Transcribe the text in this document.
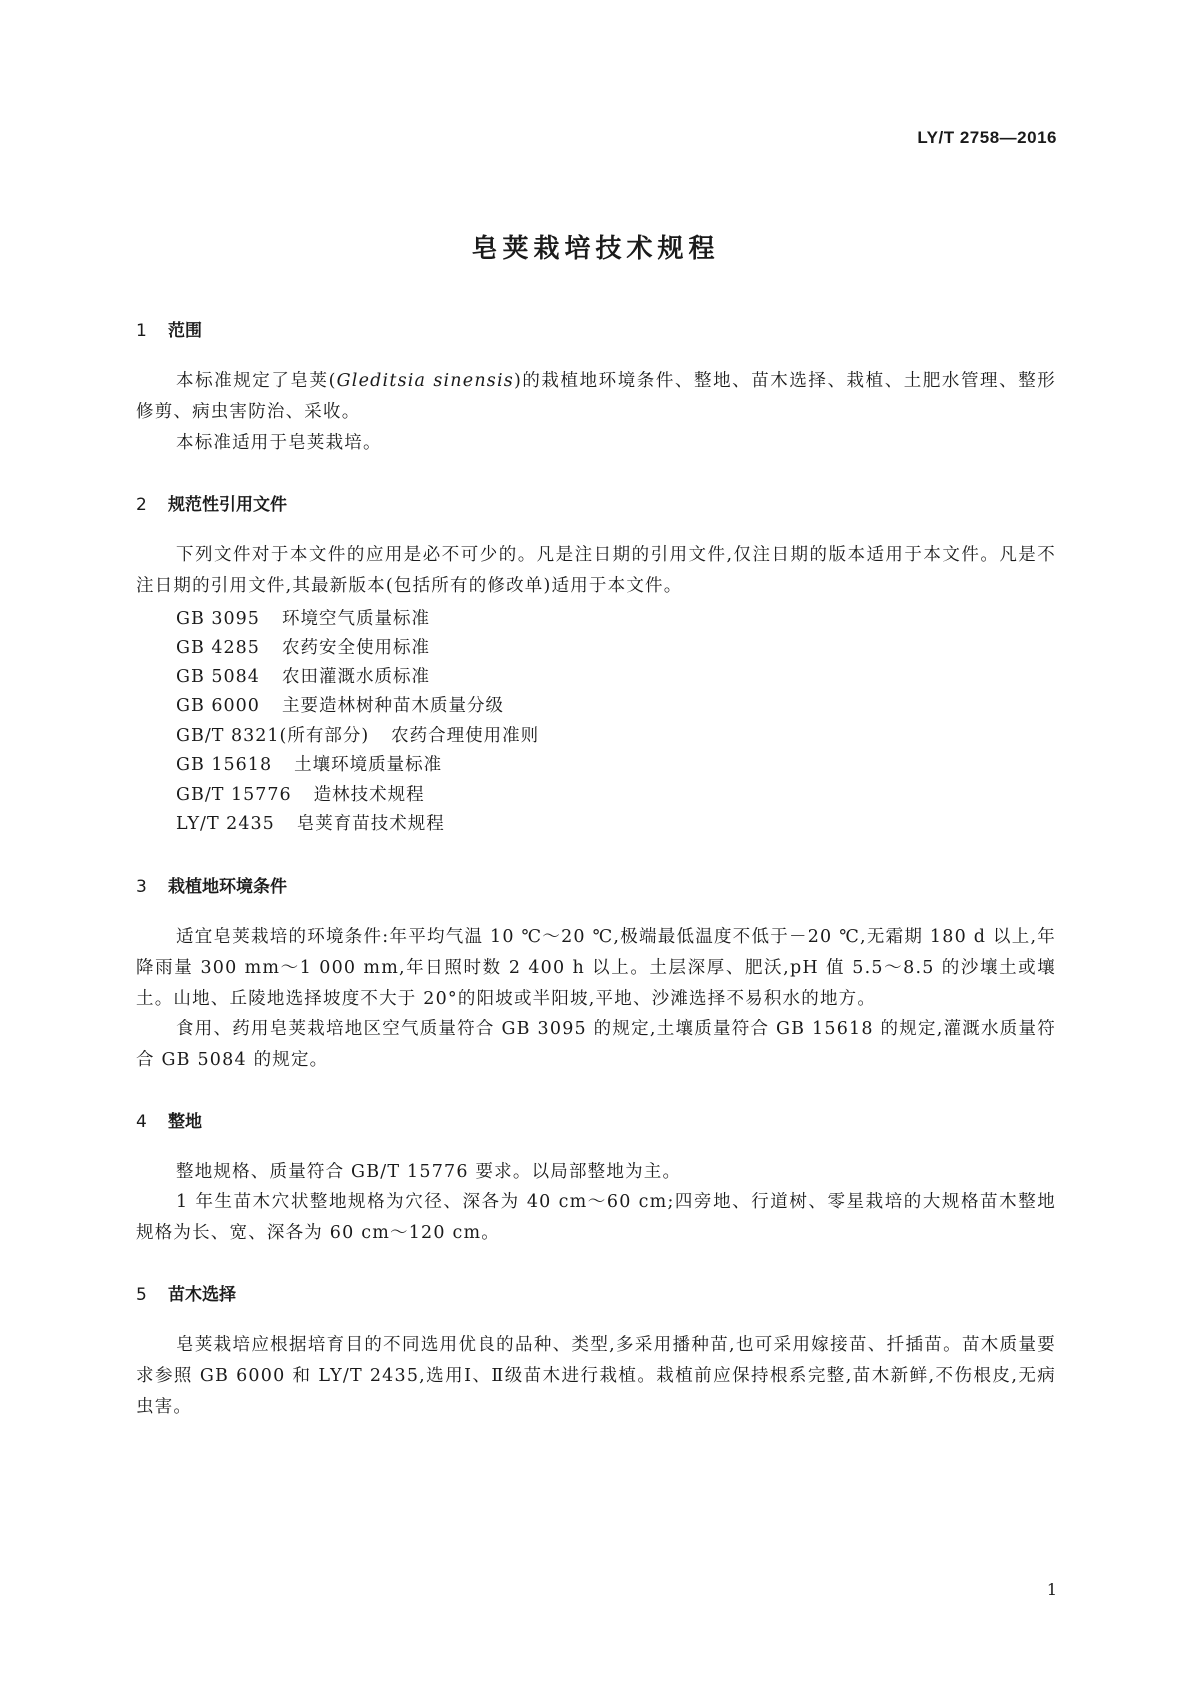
LY/T 2758—2016
皂荚栽培技术规程
1 范围

本标准规定了皂荚(Gleditsia sinensis)的栽植地环境条件、整地、苗木选择、栽植、土肥水管理、整形修剪、病虫害防治、采收。

本标准适用于皂荚栽培。

2 规范性引用文件

下列文件对于本文件的应用是必不可少的。凡是注日期的引用文件,仅注日期的版本适用于本文件。凡是不注日期的引用文件,其最新版本(包括所有的修改单)适用于本文件。

GB 3095 环境空气质量标准
GB 4285 农药安全使用标准
GB 5084 农田灌溉水质标准
GB 6000 主要造林树种苗木质量分级
GB/T 8321(所有部分) 农药合理使用准则
GB 15618 土壤环境质量标准
GB/T 15776 造林技术规程
LY/T 2435 皂荚育苗技术规程
3 栽植地环境条件

适宜皂荚栽培的环境条件:年平均气温 10 ℃～20 ℃,极端最低温度不低于－20 ℃,无霜期 180 d 以上,年降雨量 300 mm～1 000 mm,年日照时数 2 400 h 以上。土层深厚、肥沃,pH 值 5.5～8.5 的沙壤土或壤土。山地、丘陵地选择坡度不大于 20°的阳坡或半阳坡,平地、沙滩选择不易积水的地方。

食用、药用皂荚栽培地区空气质量符合 GB 3095 的规定,土壤质量符合 GB 15618 的规定,灌溉水质量符合 GB 5084 的规定。

4 整地

整地规格、质量符合 GB/T 15776 要求。以局部整地为主。

1 年生苗木穴状整地规格为穴径、深各为 40 cm～60 cm;四旁地、行道树、零星栽培的大规格苗木整地规格为长、宽、深各为 60 cm～120 cm。

5 苗木选择

皂荚栽培应根据培育目的不同选用优良的品种、类型,多采用播种苗,也可采用嫁接苗、扦插苗。苗木质量要求参照 GB 6000 和 LY/T 2435,选用Ⅰ、Ⅱ级苗木进行栽植。栽植前应保持根系完整,苗木新鲜,不伤根皮,无病虫害。

1
